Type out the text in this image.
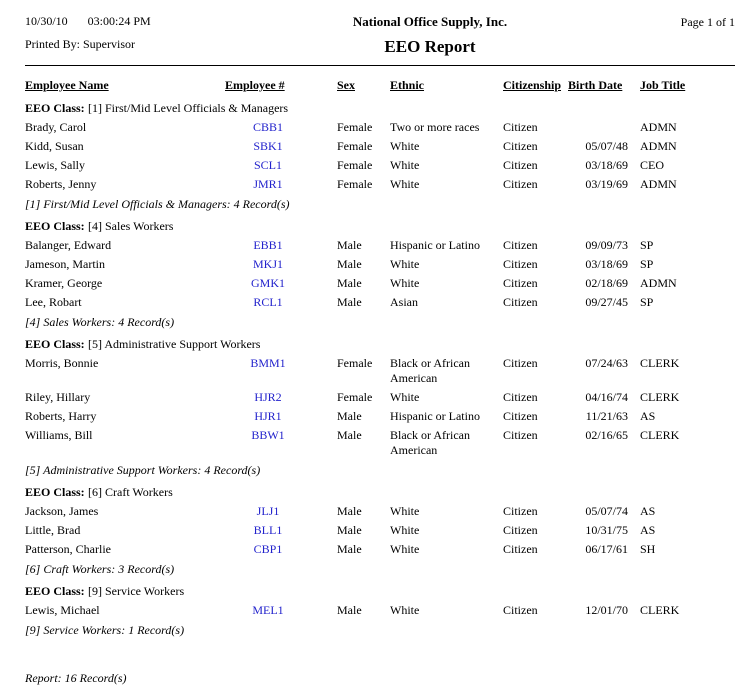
10/30/10 03:00:24 PM
Printed By: Supervisor
National Office Supply, Inc.
EEO Report
Page 1 of 1
Employee Name	Employee #	Sex	Ethnic	Citizenship	Birth Date	Job Title
EEO Class: [1] First/Mid Level Officials & Managers						
Brady, Carol	CBB1	Female	Two or more races	Citizen		ADMN
Kidd, Susan	SBK1	Female	White	Citizen	05/07/48	ADMN
Lewis, Sally	SCL1	Female	White	Citizen	03/18/69	CEO
Roberts, Jenny	JMR1	Female	White	Citizen	03/19/69	ADMN
[1] First/Mid Level Officials & Managers: 4 Record(s)						
EEO Class: [4] Sales Workers						
Balanger, Edward	EBB1	Male	Hispanic or Latino	Citizen	09/09/73	SP
Jameson, Martin	MKJ1	Male	White	Citizen	03/18/69	SP
Kramer, George	GMK1	Male	White	Citizen	02/18/69	ADMN
Lee, Robart	RCL1	Male	Asian	Citizen	09/27/45	SP
[4] Sales Workers: 4 Record(s)						
EEO Class: [5] Administrative Support Workers						
Morris, Bonnie	BMM1	Female	Black or African American	Citizen	07/24/63	CLERK
Riley, Hillary	HJR2	Female	White	Citizen	04/16/74	CLERK
Roberts, Harry	HJR1	Male	Hispanic or Latino	Citizen	11/21/63	AS
Williams, Bill	BBW1	Male	Black or African American	Citizen	02/16/65	CLERK
[5] Administrative Support Workers: 4 Record(s)						
EEO Class: [6] Craft Workers						
Jackson, James	JLJ1	Male	White	Citizen	05/07/74	AS
Little, Brad	BLL1	Male	White	Citizen	10/31/75	AS
Patterson, Charlie	CBP1	Male	White	Citizen	06/17/61	SH
[6] Craft Workers: 3 Record(s)						
EEO Class: [9] Service Workers						
Lewis, Michael	MEL1	Male	White	Citizen	12/01/70	CLERK
[9] Service Workers: 1 Record(s)						
Report: 16 Record(s)
